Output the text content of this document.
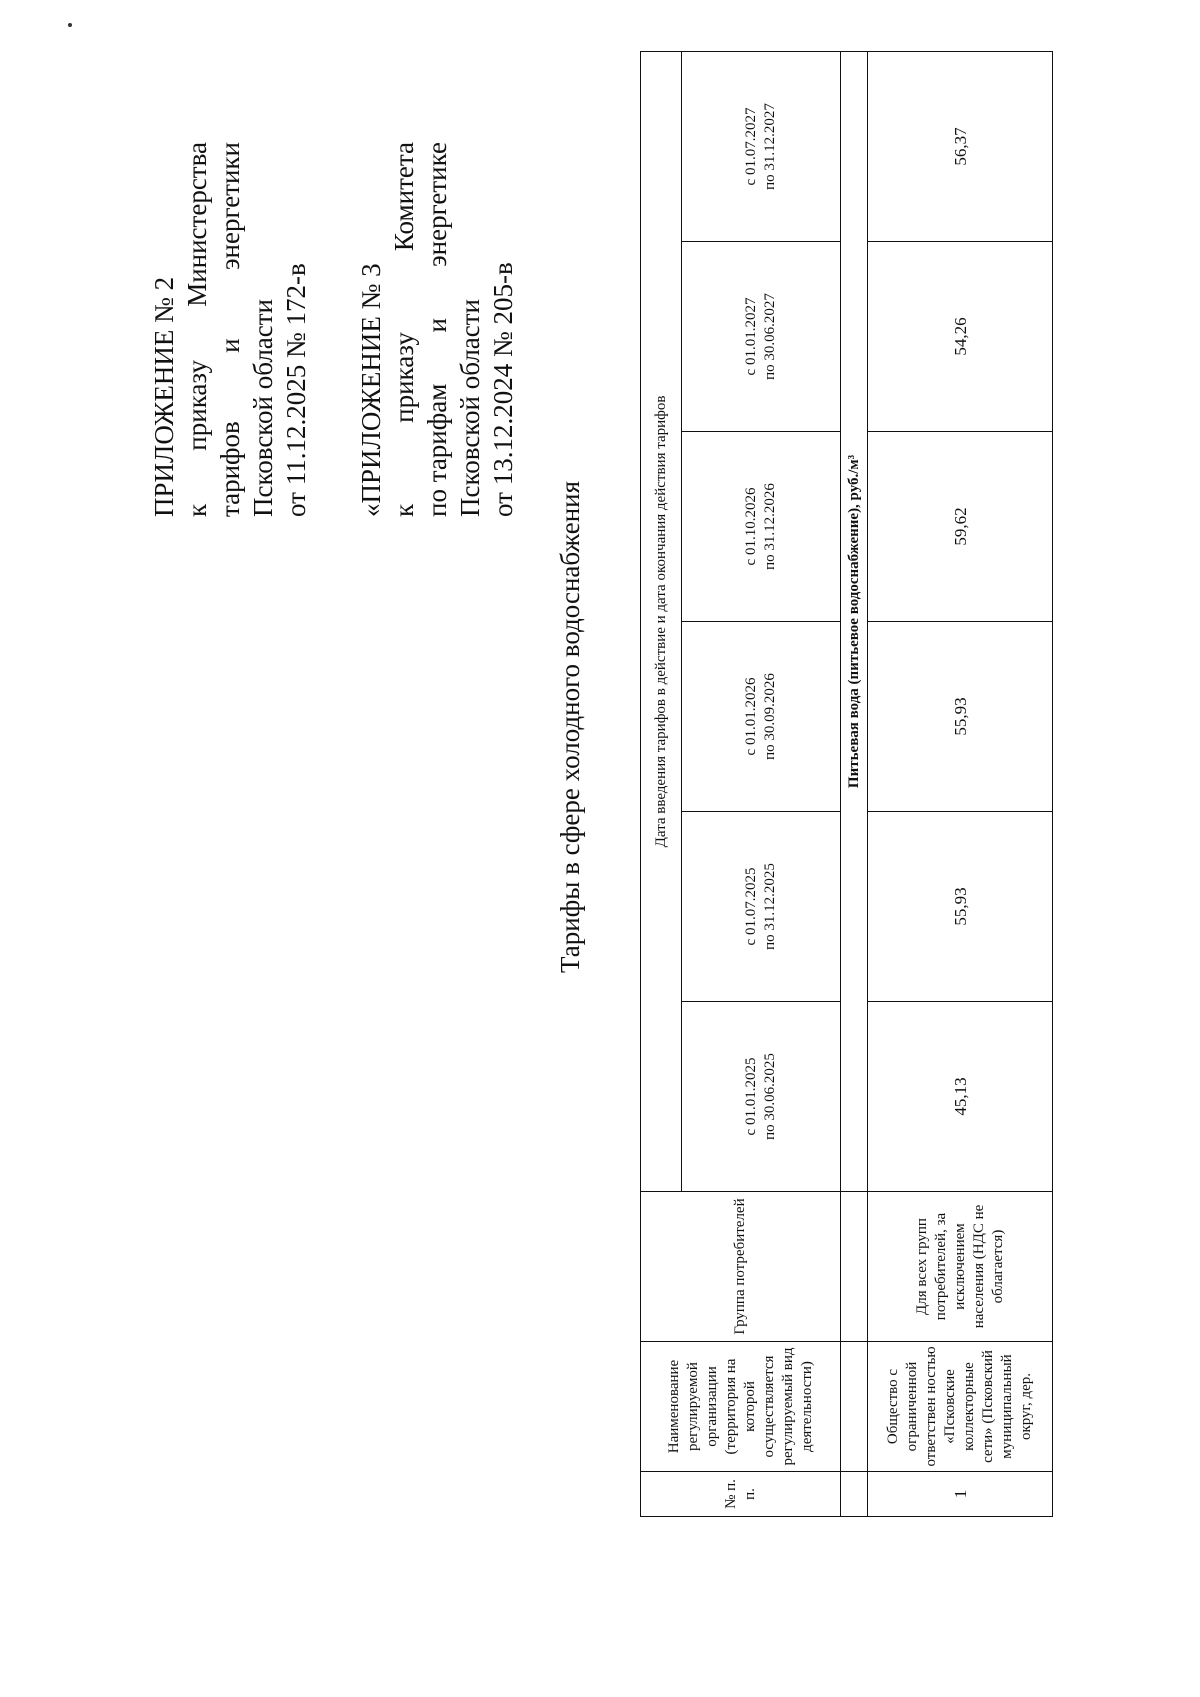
ПРИЛОЖЕНИЕ № 2 к
приказу
Министерства
тарифов
и
энергетики
Псковской области от 11.12.2025 № 172-в «ПРИЛОЖЕНИЕ № 3 к
приказу
Комитета
по тарифам
и
энергетике
Псковской области от 13.12.2024 № 205-в
Тарифы в сфере холодного водоснабжения
№ п. п.	Наименование регулируемой организации (территория на которой осуществляется регулируемый вид деятельности)	Группа потребителей	Дата введения тарифов в действие и дата окончания действия тарифов					

			с 01.01.2025 по 30.06.2025	с 01.07.2025 по 31.12.2025	с 01.01.2026 по 30.09.2026	с 01.10.2026 по 31.12.2026	с 01.01.2027 по 30.06.2027	с 01.07.2027 по 31.12.2027

			Питьевая вода (питьевое водоснабжение), руб./м³					
1	Общество с ограниченной ответствен ностью «Псковские коллекторные сети» (Псковский муниципальный округ, дер.	Для всех групп потребителей, за исключением населения (НДС не облагается)	45,13	55,93	55,93	59,62	54,26	56,37
